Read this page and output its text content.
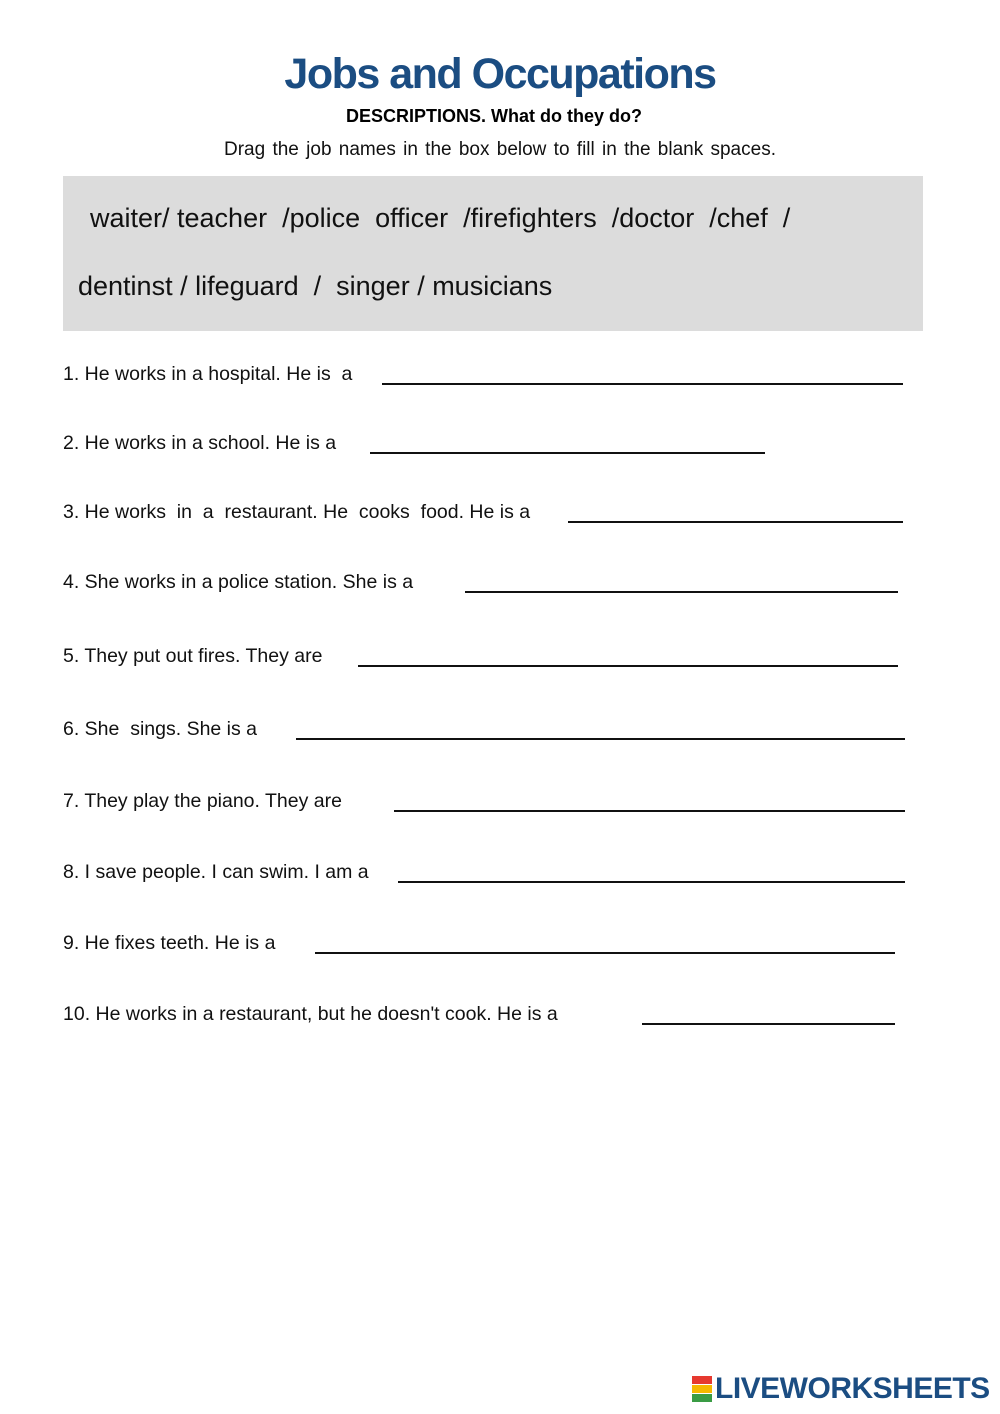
Jobs and Occupations
DESCRIPTIONS. What do they do?
Drag the job names in the box below to fill in the blank spaces.
waiter/ teacher  /police  officer  /firefighters  /doctor  /chef  /
dentinst / lifeguard  /  singer / musicians
1. He works in a hospital. He is  a
2. He works in a school. He is a
3. He works  in  a  restaurant. He  cooks  food. He is a
4. She works in a police station. She is a
5. They put out fires. They are
6. She  sings. She is a
7. They play the piano. They are
8. I save people. I can swim. I am a
9. He fixes teeth. He is a
10. He works in a restaurant, but he doesn't cook. He is a
LIVEWORKSHEETS
